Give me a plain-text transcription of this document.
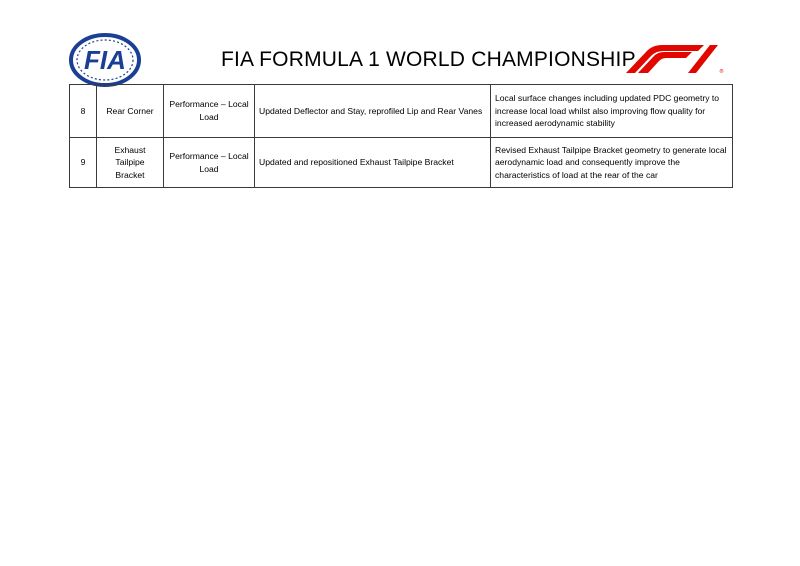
FIA	FIA FORMULA 1 WORLD CHAMPIONSHIP
®
8	Rear Corner	Performance – Local Load	Updated Deflector and Stay, reprofiled Lip and Rear Vanes	Local surface changes including updated PDC geometry to increase local load whilst also improving flow quality for increased aerodynamic stability
9	Exhaust Tailpipe Bracket	Performance – Local Load	Updated and repositioned Exhaust Tailpipe Bracket	Revised Exhaust Tailpipe Bracket geometry to generate local aerodynamic load and consequently improve the characteristics of load at the rear of the car
